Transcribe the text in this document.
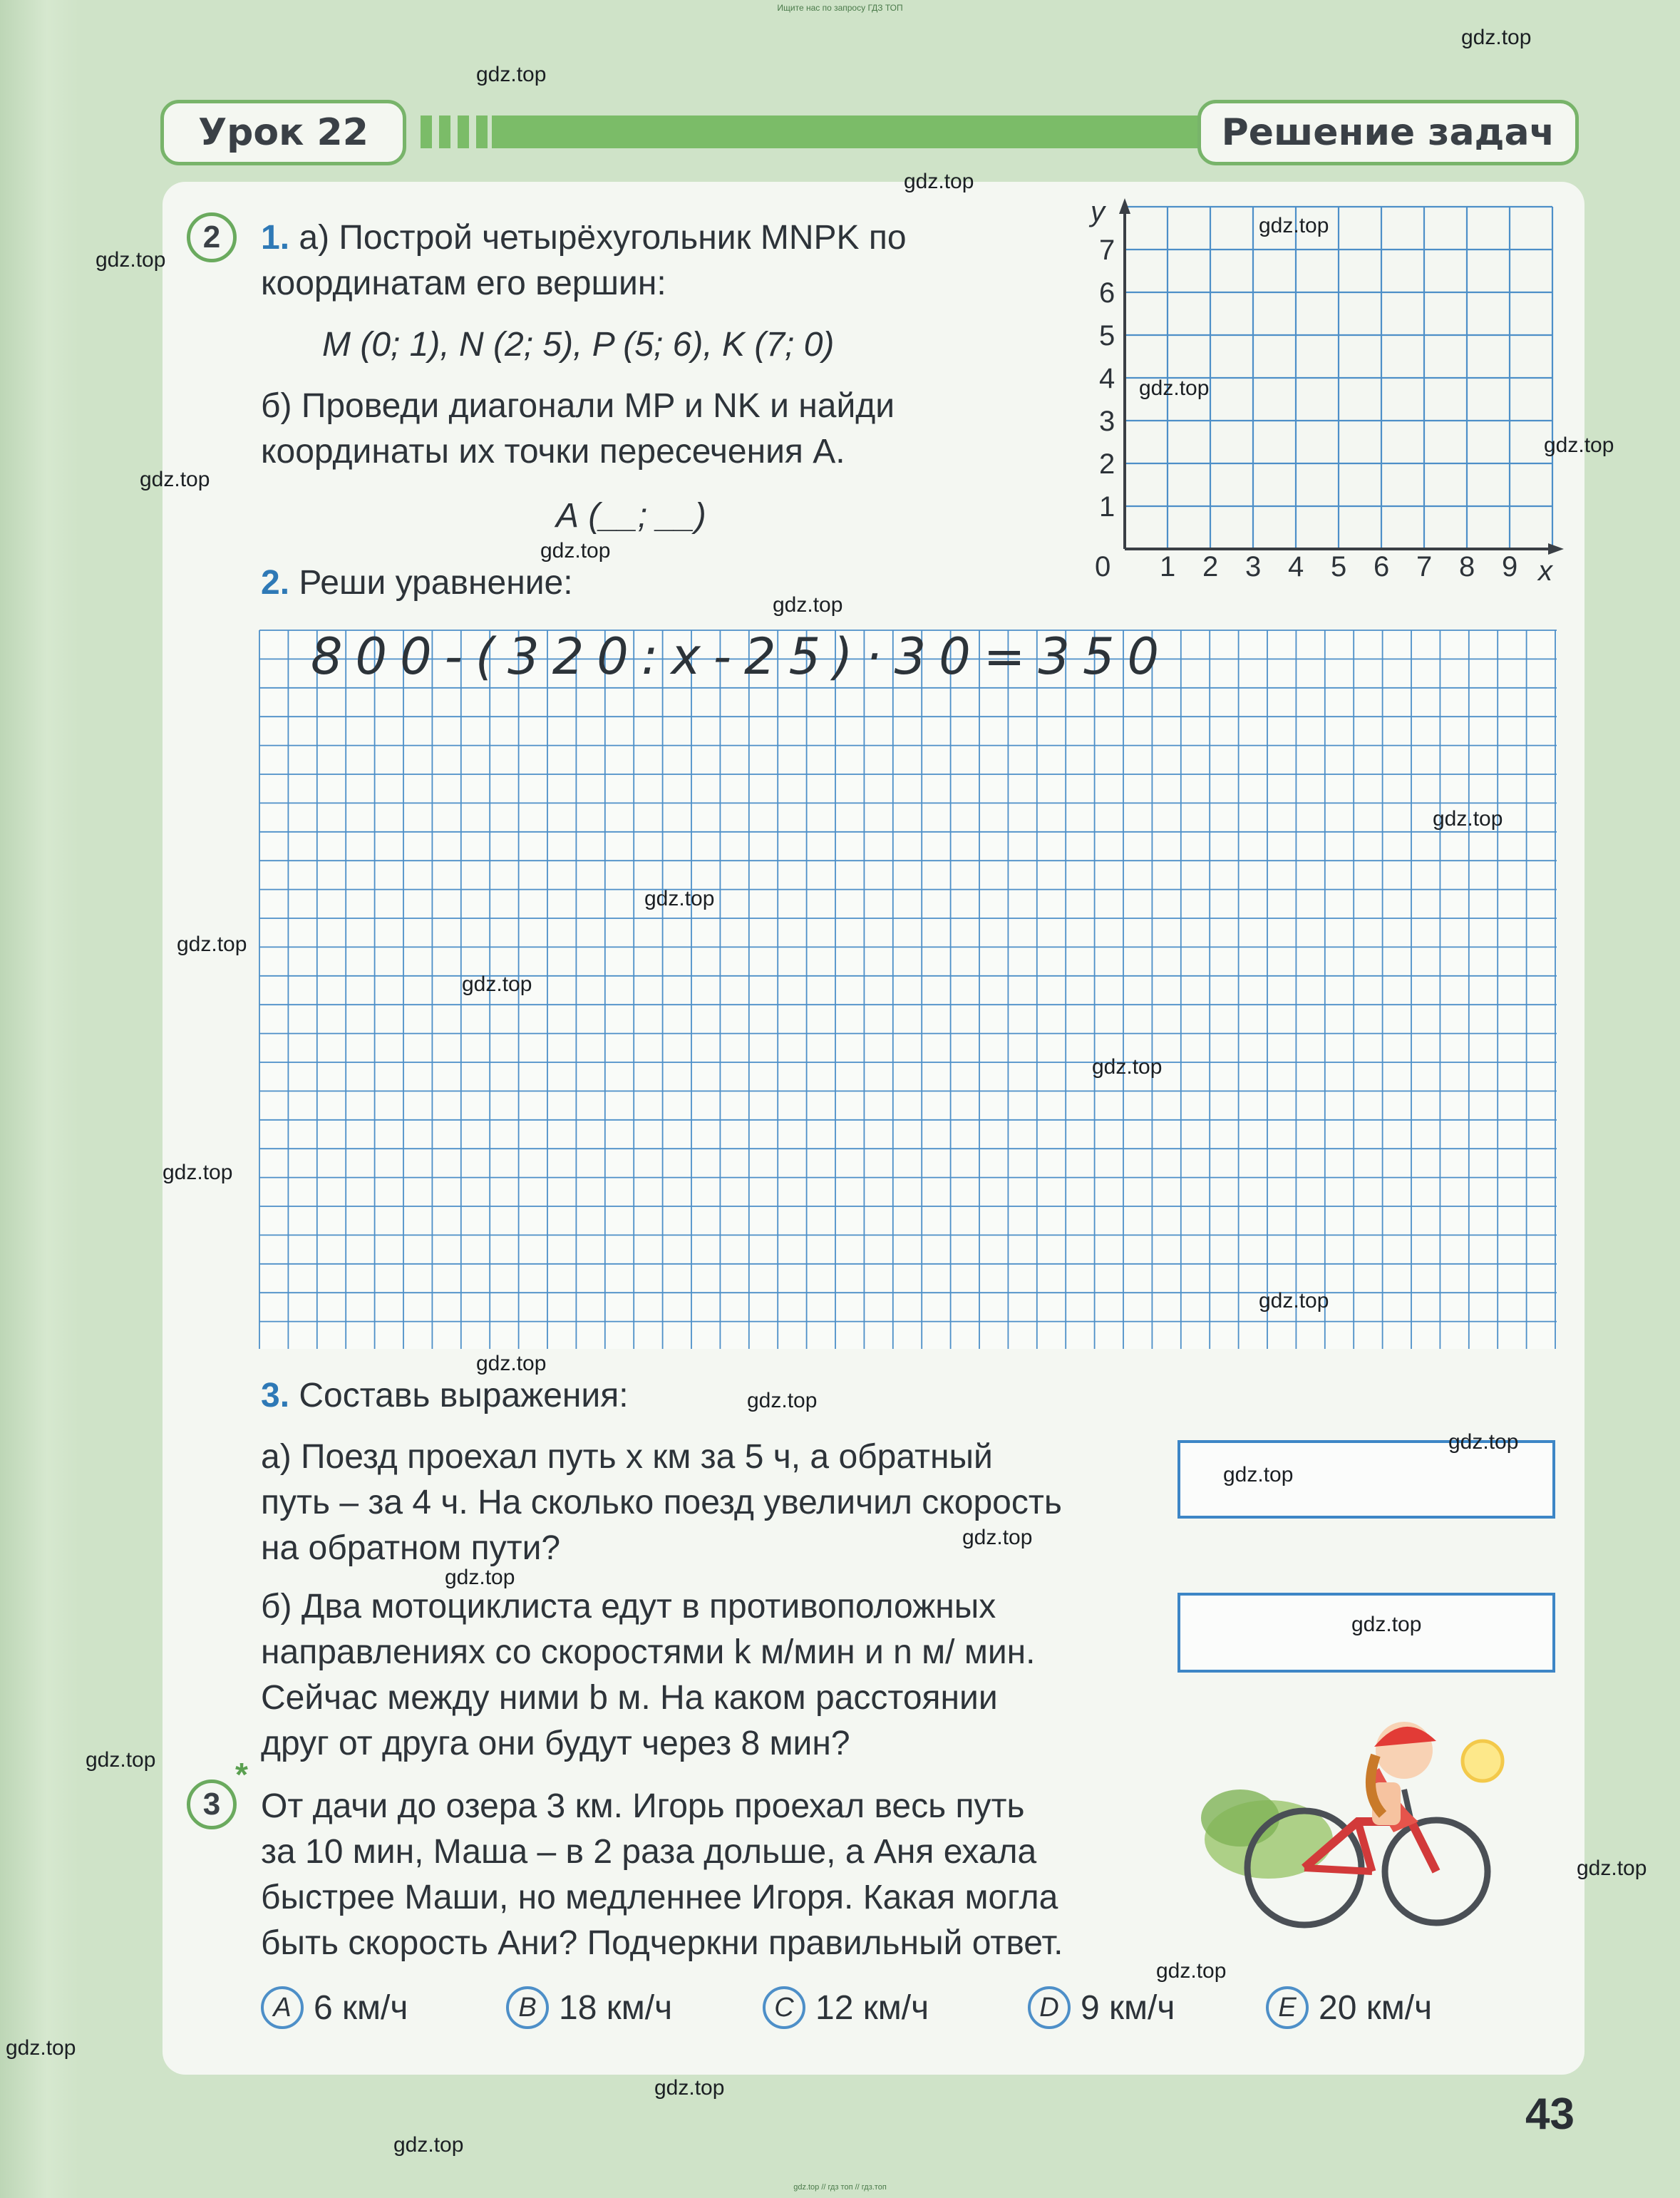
Ищите нас по запросу ГДЗ ТОП
Урок 22	Решение задач
2	1. а) Построй четырёхугольник MNPK по
координатам его вершин:
M (0; 1), N (2; 5), P (5; 6), K (7; 0)
б) Проведи диагонали MP и NK и найди
координаты их точки пересечения А.
А (__; __)
1 2 3 4 5 6 7 8 9
1
2
3
4
5
6
7
0	x
y
2. Реши уравнение:
800-(320:x-25)·30=350
3. Составь выражения:
а) Поезд проехал путь x км за 5 ч, а обратный
путь – за 4 ч. На сколько поезд увеличил скорость
на обратном пути?
б) Два мотоциклиста едут в противоположных
направлениях со скоростями k м/мин и n м/ мин.
Сейчас между ними b м. На каком расстоянии
друг от друга они будут через 8 мин?
3
*
От дачи до озера 3 км. Игорь проехал весь путь
за 10 мин, Маша – в 2 раза дольше, а Аня ехала
быстрее Маши, но медленнее Игоря. Какая могла
быть скорость Ани? Подчеркни правильный ответ.
A 6 км/ч	B 18 км/ч	C 12 км/ч	D 9 км/ч	E 20 км/ч
43
gdz.top // гдз топ // гдз.топ
gdz.top
gdz.top
gdz.top
gdz.top
gdz.top
gdz.top
gdz.top
gdz.top
gdz.top
gdz.top
gdz.top
gdz.top
gdz.top
gdz.top
gdz.top
gdz.top
gdz.top
gdz.top
gdz.top
gdz.top
gdz.top
gdz.top
gdz.top
gdz.top
gdz.top
gdz.top
gdz.top
gdz.top
gdz.top
gdz.top
